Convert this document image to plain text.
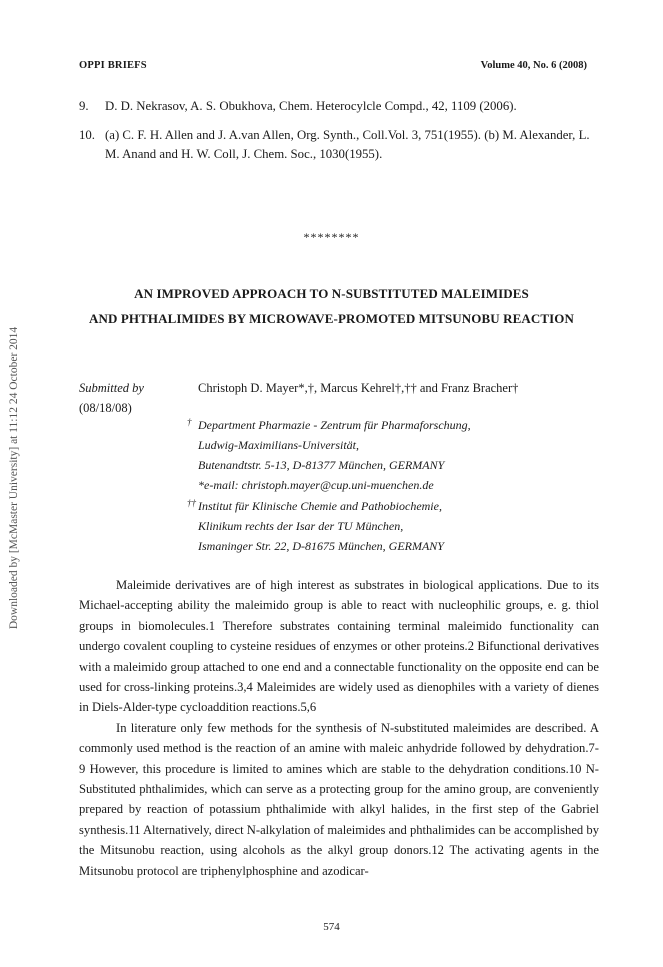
OPPI BRIEFS	Volume 40, No. 6 (2008)
Downloaded by [McMaster University] at 11:12 24 October 2014
9.	D. D. Nekrasov, A. S. Obukhova, Chem. Heterocylcle Compd., 42, 1109 (2006).
10. (a) C. F. H. Allen and J. A.van Allen, Org. Synth., Coll.Vol. 3, 751(1955). (b) M. Alexander, L. M. Anand and H. W. Coll, J. Chem. Soc., 1030(1955).
********
AN IMPROVED APPROACH TO N-SUBSTITUTED MALEIMIDES
AND PHTHALIMIDES BY MICROWAVE-PROMOTED MITSUNOBU REACTION
Submitted by
(08/18/08)
Christoph D. Mayer*,†, Marcus Kehrel†,†† and Franz Bracher†
† Department Pharmazie - Zentrum für Pharmaforschung,
Ludwig-Maximilians-Universität,
Butenandtstr. 5-13, D-81377 München, GERMANY
*e-mail: christoph.mayer@cup.uni-muenchen.de
†† Institut für Klinische Chemie and Pathobiochemie,
Klinikum rechts der Isar der TU München,
Ismaninger Str. 22, D-81675 München, GERMANY

Maleimide derivatives are of high interest as substrates in biological applications. Due to its Michael-accepting ability the maleimido group is able to react with nucleophilic groups, e. g. thiol groups in biomolecules.1 Therefore substrates containing terminal maleimido functionality can undergo covalent coupling to cysteine residues of enzymes or other proteins.2 Bifunctional derivatives with a maleimido group attached to one end and a connectable functionality on the opposite end can be used for cross-linking proteins.3,4 Maleimides are widely used as dienophiles with a variety of dienes in Diels-Alder-type cycloaddition reactions.5,6

In literature only few methods for the synthesis of N-substituted maleimides are described. A commonly used method is the reaction of an amine with maleic anhydride followed by dehydration.7-9 However, this procedure is limited to amines which are stable to the dehydration conditions.10 N-Substituted phthalimides, which can serve as a protecting group for the amino group, are conveniently prepared by reaction of potassium phthalimide with alkyl halides, in the first step of the Gabriel synthesis.11 Alternatively, direct N-alkylation of maleimides and phthalimides can be accomplished by the Mitsunobu reaction, using alcohols as the alkyl group donors.12 The activating agents in the Mitsunobu protocol are triphenylphosphine and azodicar-

574
